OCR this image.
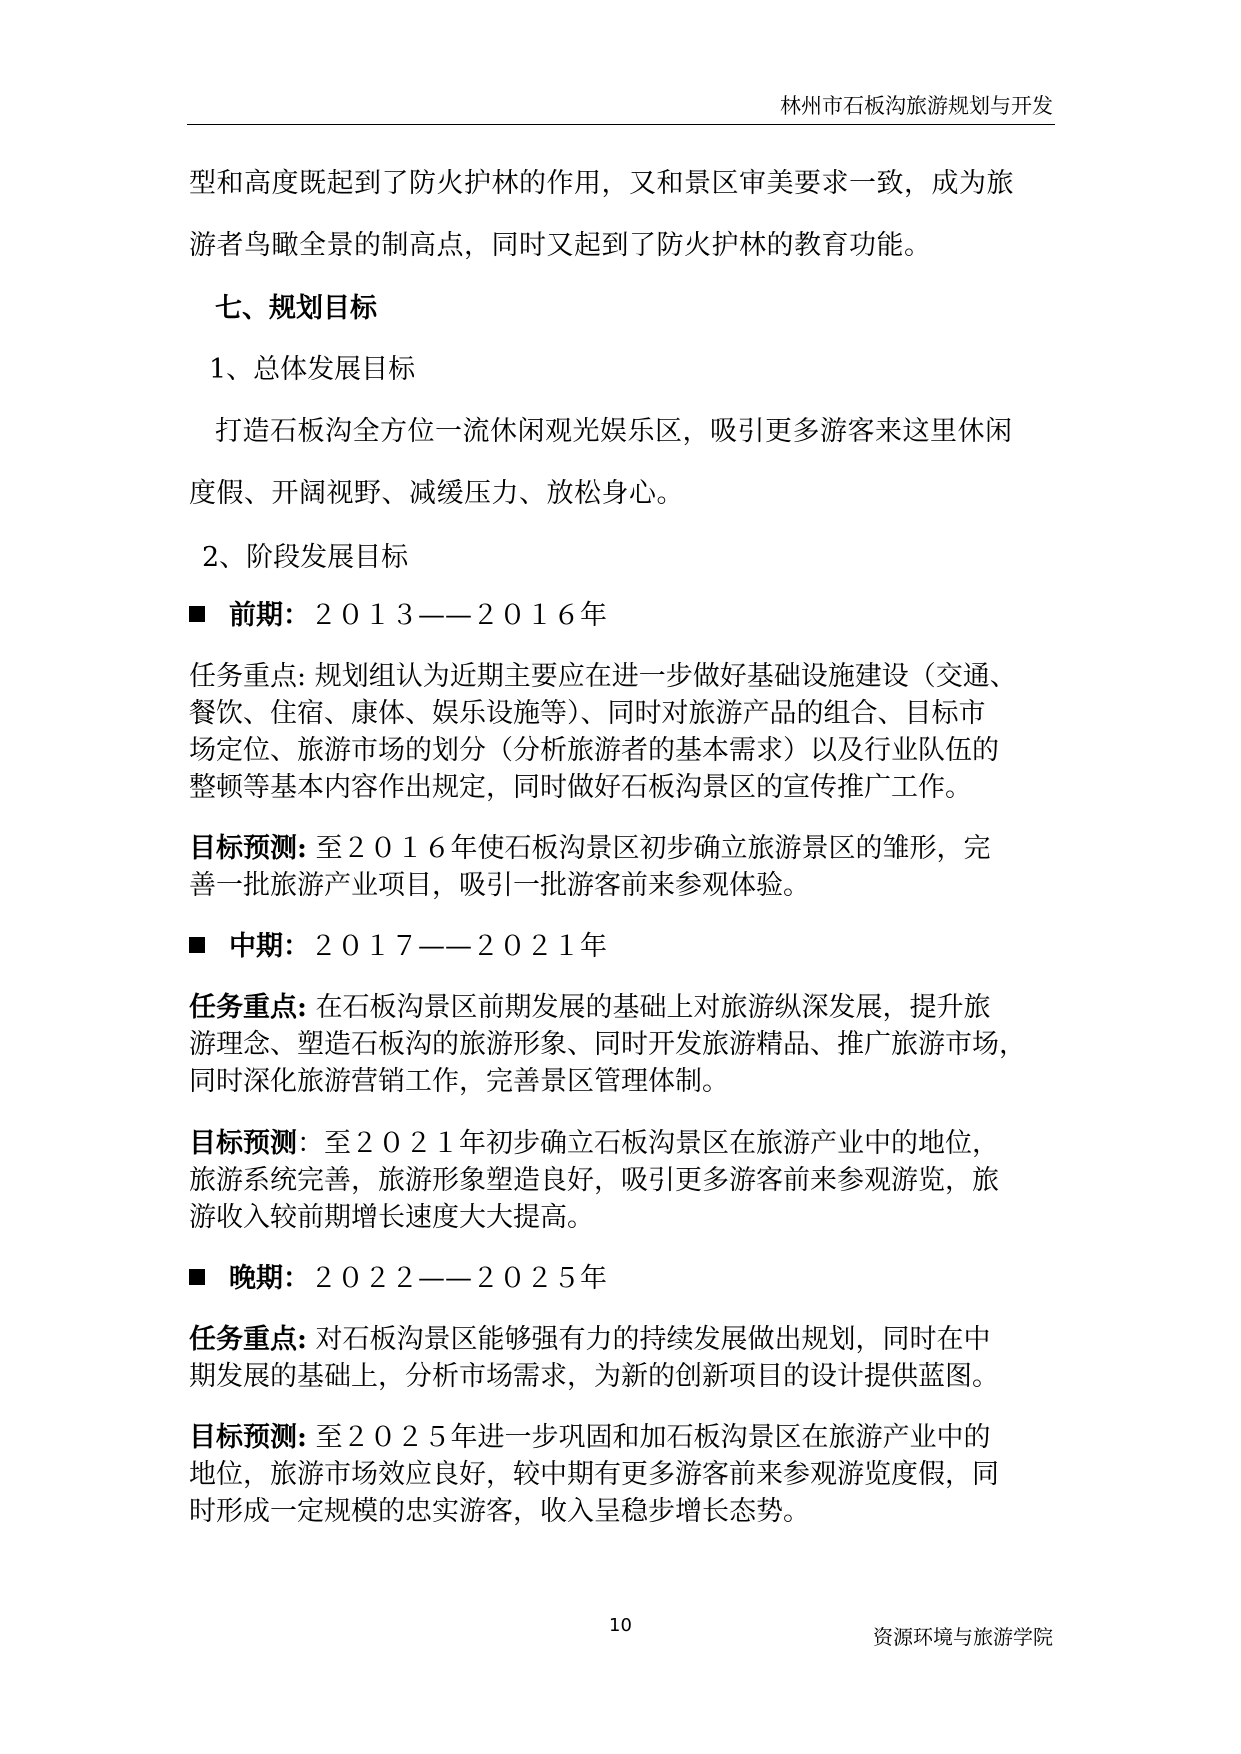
林州市石板沟旅游规划与开发
型和高度既起到了防火护林的作用，又和景区审美要求一致，成为旅
游者鸟瞰全景的制高点，同时又起到了防火护林的教育功能。
七、规划目标
1、总体发展目标
打造石板沟全方位一流休闲观光娱乐区，吸引更多游客来这里休闲
度假、开阔视野、减缓压力、放松身心。
2、阶段发展目标
前期：２０１３——２０１６年
任务重点: 规划组认为近期主要应在进一步做好基础设施建设（交通、
餐饮、住宿、康体、娱乐设施等）、同时对旅游产品的组合、目标市
场定位、旅游市场的划分（分析旅游者的基本需求）以及行业队伍的
整顿等基本内容作出规定，同时做好石板沟景区的宣传推广工作。
目标预测: 至２０１６年使石板沟景区初步确立旅游景区的雏形，完
善一批旅游产业项目，吸引一批游客前来参观体验。
中期：２０１７——２０２１年
任务重点: 在石板沟景区前期发展的基础上对旅游纵深发展，提升旅
游理念、塑造石板沟的旅游形象、同时开发旅游精品、推广旅游市场，
同时深化旅游营销工作，完善景区管理体制。
目标预测：至２０２１年初步确立石板沟景区在旅游产业中的地位，
旅游系统完善，旅游形象塑造良好，吸引更多游客前来参观游览，旅
游收入较前期增长速度大大提高。
晚期：２０２２——２０２５年
任务重点: 对石板沟景区能够强有力的持续发展做出规划，同时在中
期发展的基础上，分析市场需求，为新的创新项目的设计提供蓝图。
目标预测: 至２０２５年进一步巩固和加石板沟景区在旅游产业中的
地位，旅游市场效应良好，较中期有更多游客前来参观游览度假，同
时形成一定规模的忠实游客，收入呈稳步增长态势。
10	资源环境与旅游学院
